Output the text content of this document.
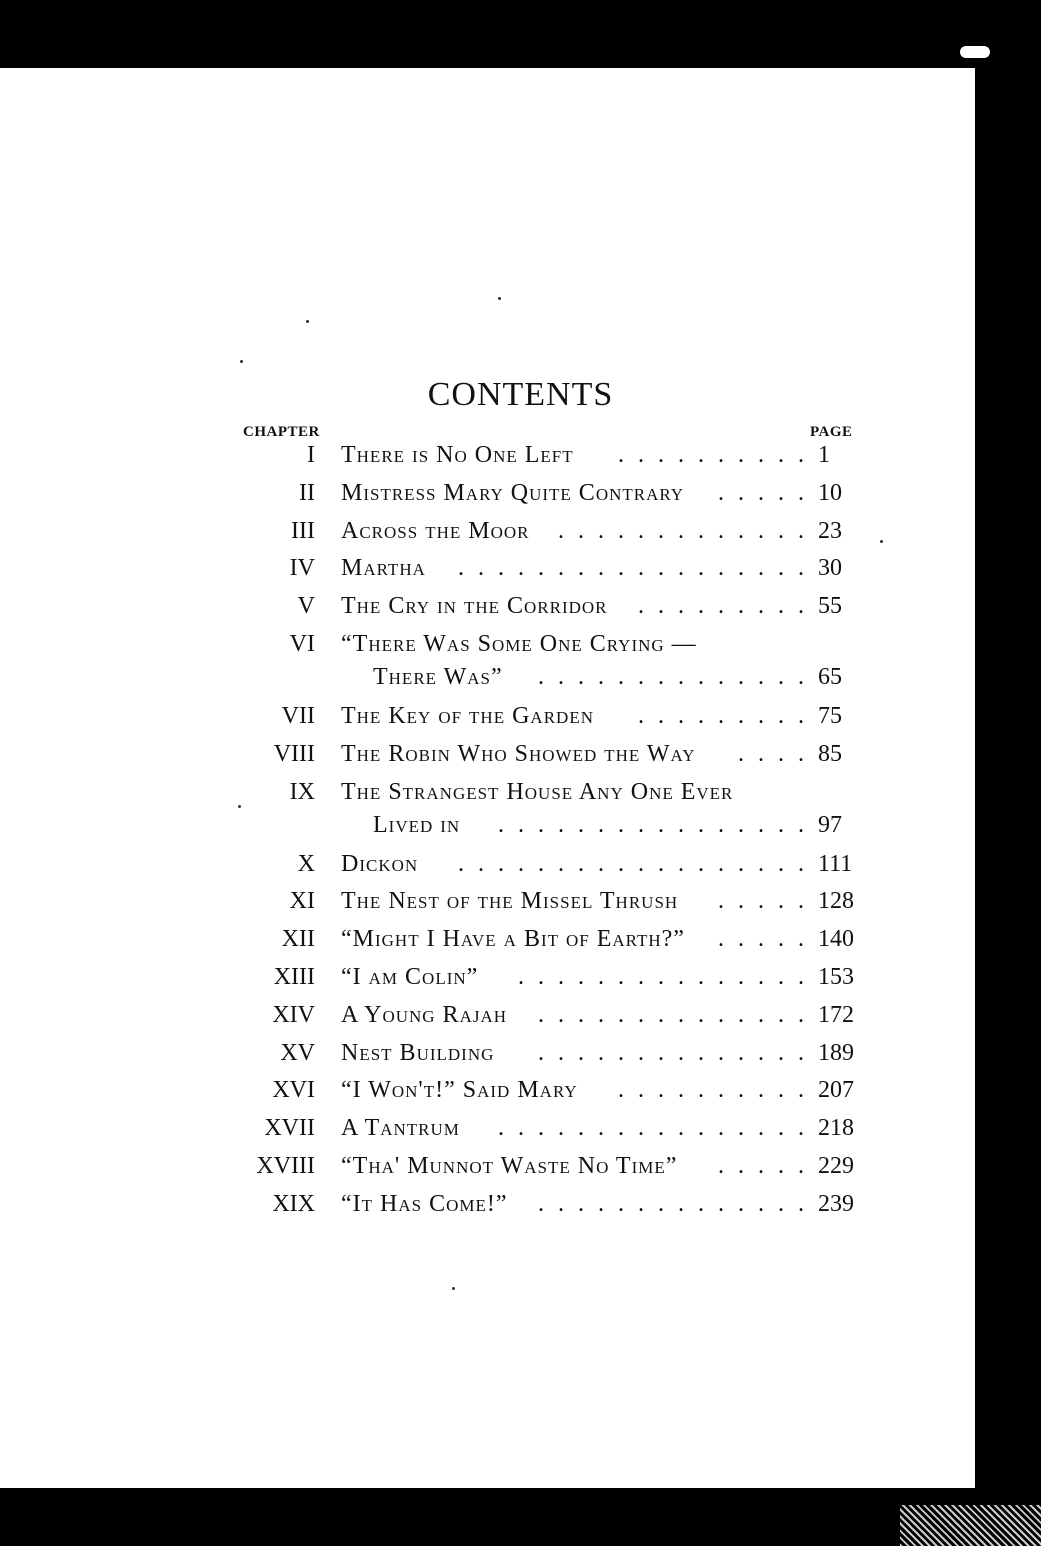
CONTENTS
CHAPTER	PAGE
I There is No One Left	1
..........
II Mistress Mary Quite Contrary	10
.....
III Across the Moor	23
.............
IV Martha	30
..................
V The Cry in the Corridor	55
.........
VI “There Was Some One Crying —
There Was”	65
..............
VII The Key of the Garden	75
.........
VIII The Robin Who Showed the Way	85
....
IX The Strangest House Any One Ever
Lived in	97
................
X Dickon	111
..................
XI The Nest of the Missel Thrush	128
.....
XII “Might I Have a Bit of Earth?”	140
.....
XIII “I am Colin”	153
...............
XIV A Young Rajah	172
..............
XV Nest Building	189
..............
XVI “I Won't!” Said Mary	207
..........
XVII A Tantrum	218
................
XVIII “Tha' Munnot Waste No Time”	229
.....
XIX “It Has Come!”	239
..............
